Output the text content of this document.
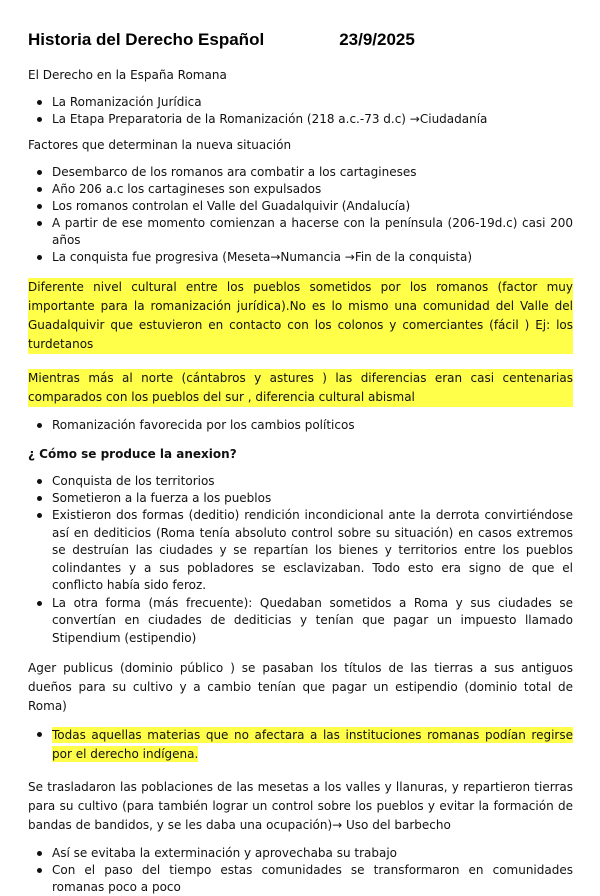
Historia del Derecho Español	23/9/2025

El Derecho en la España Romana

La Romanización Jurídica
La Etapa Preparatoria de la Romanización (218 a.c.-73 d.c) →Ciudadanía

Factores que determinan la nueva situación

Desembarco de los romanos ara combatir a los cartagineses
Año 206 a.c los cartagineses son expulsados
Los romanos controlan el Valle del Guadalquivir (Andalucía)
A partir de ese momento comienzan a hacerse con la península (206-19d.c) casi 200 años
La conquista fue progresiva (Meseta→Numancia →Fin de la conquista)

Diferente nivel cultural entre los pueblos sometidos por los romanos (factor muy importante para la romanización jurídica).No es lo mismo una comunidad del Valle del Guadalquivir que estuvieron en contacto con los colonos y comerciantes (fácil ) Ej: los turdetanos

Mientras más al norte (cántabros y astures ) las diferencias eran casi centenarias comparados con los pueblos del sur , diferencia cultural abismal

Romanización favorecida por los cambios políticos

¿ Cómo se produce la anexion?

Conquista de los territorios
Sometieron a la fuerza a los pueblos
Existieron dos formas (deditio) rendición incondicional ante la derrota convirtiéndose así en dediticios (Roma tenía absoluto control sobre su situación) en casos extremos se destruían las ciudades y se repartían los bienes y territorios entre los pueblos colindantes y a sus pobladores se esclavizaban. Todo esto era signo de que el conflicto había sido feroz.
La otra forma (más frecuente): Quedaban sometidos a Roma y sus ciudades se convertían en ciudades de dediticias y tenían que pagar un impuesto llamado Stipendium (estipendio)

Ager publicus (dominio público ) se pasaban los títulos de las tierras a sus antiguos dueños para su cultivo y a cambio tenían que pagar un estipendio (dominio total de Roma)

Todas aquellas materias que no afectara a las instituciones romanas podían regirse por el derecho indígena.

Se trasladaron las poblaciones de las mesetas a los valles y llanuras, y repartieron tierras para su cultivo (para también lograr un control sobre los pueblos y evitar la formación de bandas de bandidos, y se les daba una ocupación)→ Uso del barbecho

Así se evitaba la exterminación y aprovechaba su trabajo
Con el paso del tiempo estas comunidades se transformaron en comunidades romanas poco a poco
